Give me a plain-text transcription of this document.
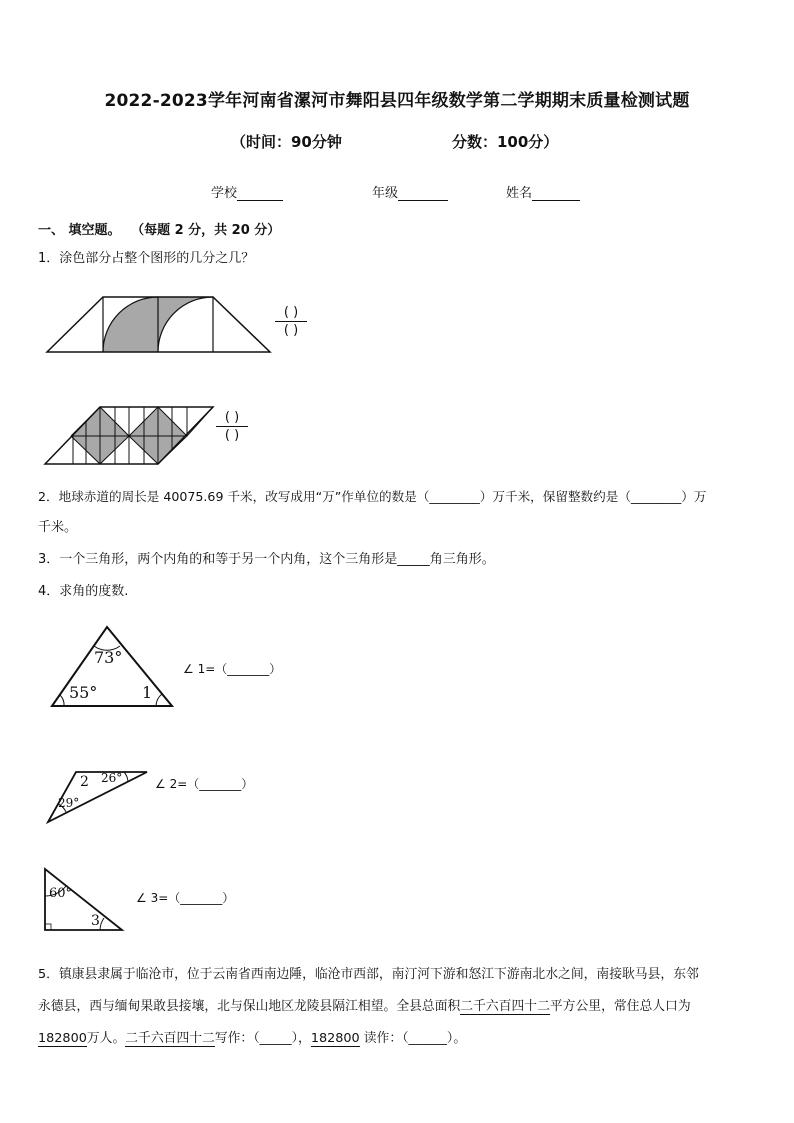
2022-2023学年河南省漯河市舞阳县四年级数学第二学期期末质量检测试题
（时间：90分钟	分数：100分）
学校	年级	姓名
一、 填空题。 （每题 2 分，共 20 分）
1．涂色部分占整个图形的几分之几？
( )
( )
( )
( )
2．地球赤道的周长是 40075.69 千米，改写成用“万”作单位的数是（________）万千米，保留整数约是（________）万
千米。
3．一个三角形，两个内角的和等于另一个内角，这个三角形是_____角三角形。
4．求角的度数.
73°
55°	1
∠ 1=（_______）
2 26°
29°
∠ 2=（_______）
60°
3
∠ 3=（_______）
5．镇康县隶属于临沧市，位于云南省西南边陲，临沧市西部，南汀河下游和怒江下游南北水之间，南接耿马县，东邻
永德县，西与缅甸果敢县接壤，北与保山地区龙陵县隔江相望。全县总面积二千六百四十二平方公里，常住总人口为
182800万人。二千六百四十二写作：（_____），182800 读作：（______）。
